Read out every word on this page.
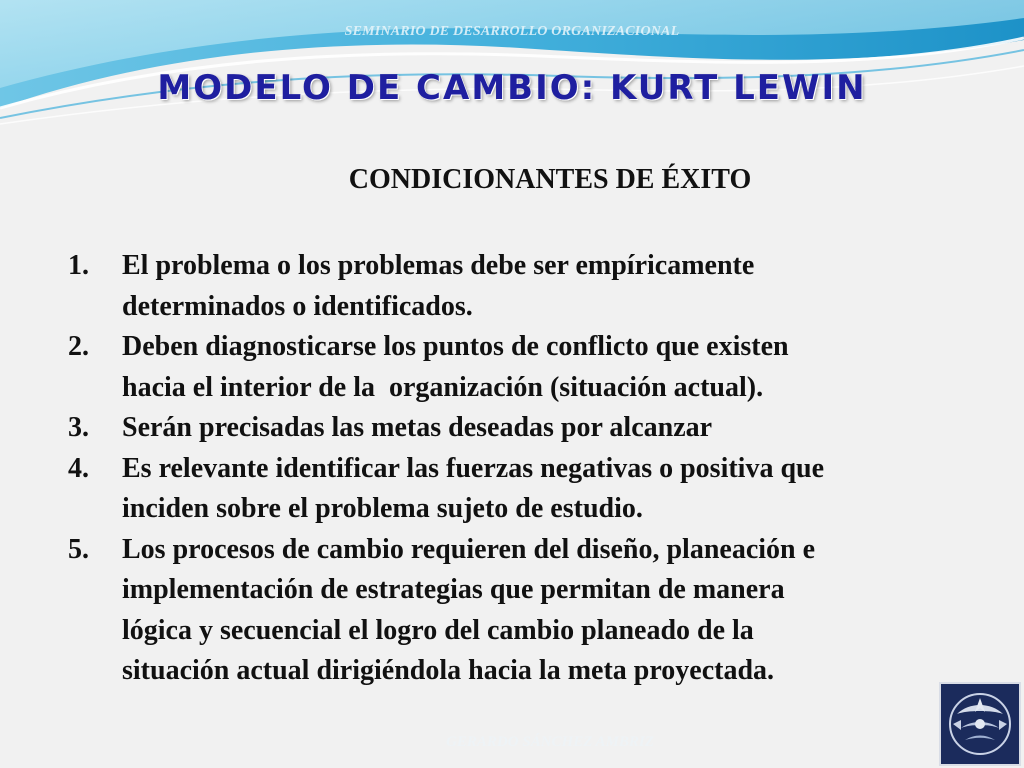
SEMINARIO DE DESARROLLO ORGANIZACIONAL
MODELO DE CAMBIO: KURT LEWIN
CONDICIONANTES DE ÉXITO
1.	El problema o los problemas debe ser empíricamente
determinados o identificados.
2.	Deben diagnosticarse los puntos de conflicto que existen
hacia el interior de la  organización (situación actual).
3.	Serán precisadas las metas deseadas por alcanzar
4.	Es relevante identificar las fuerzas negativas o positiva que
inciden sobre el problema sujeto de estudio.
5.	Los procesos de cambio requieren del diseño, planeación e
implementación de estrategias que permitan de manera
lógica y secuencial el logro del cambio planeado de la
situación actual dirigiéndola hacia la meta proyectada.
GERARDO SÁNCHEZ AMBRIZ
